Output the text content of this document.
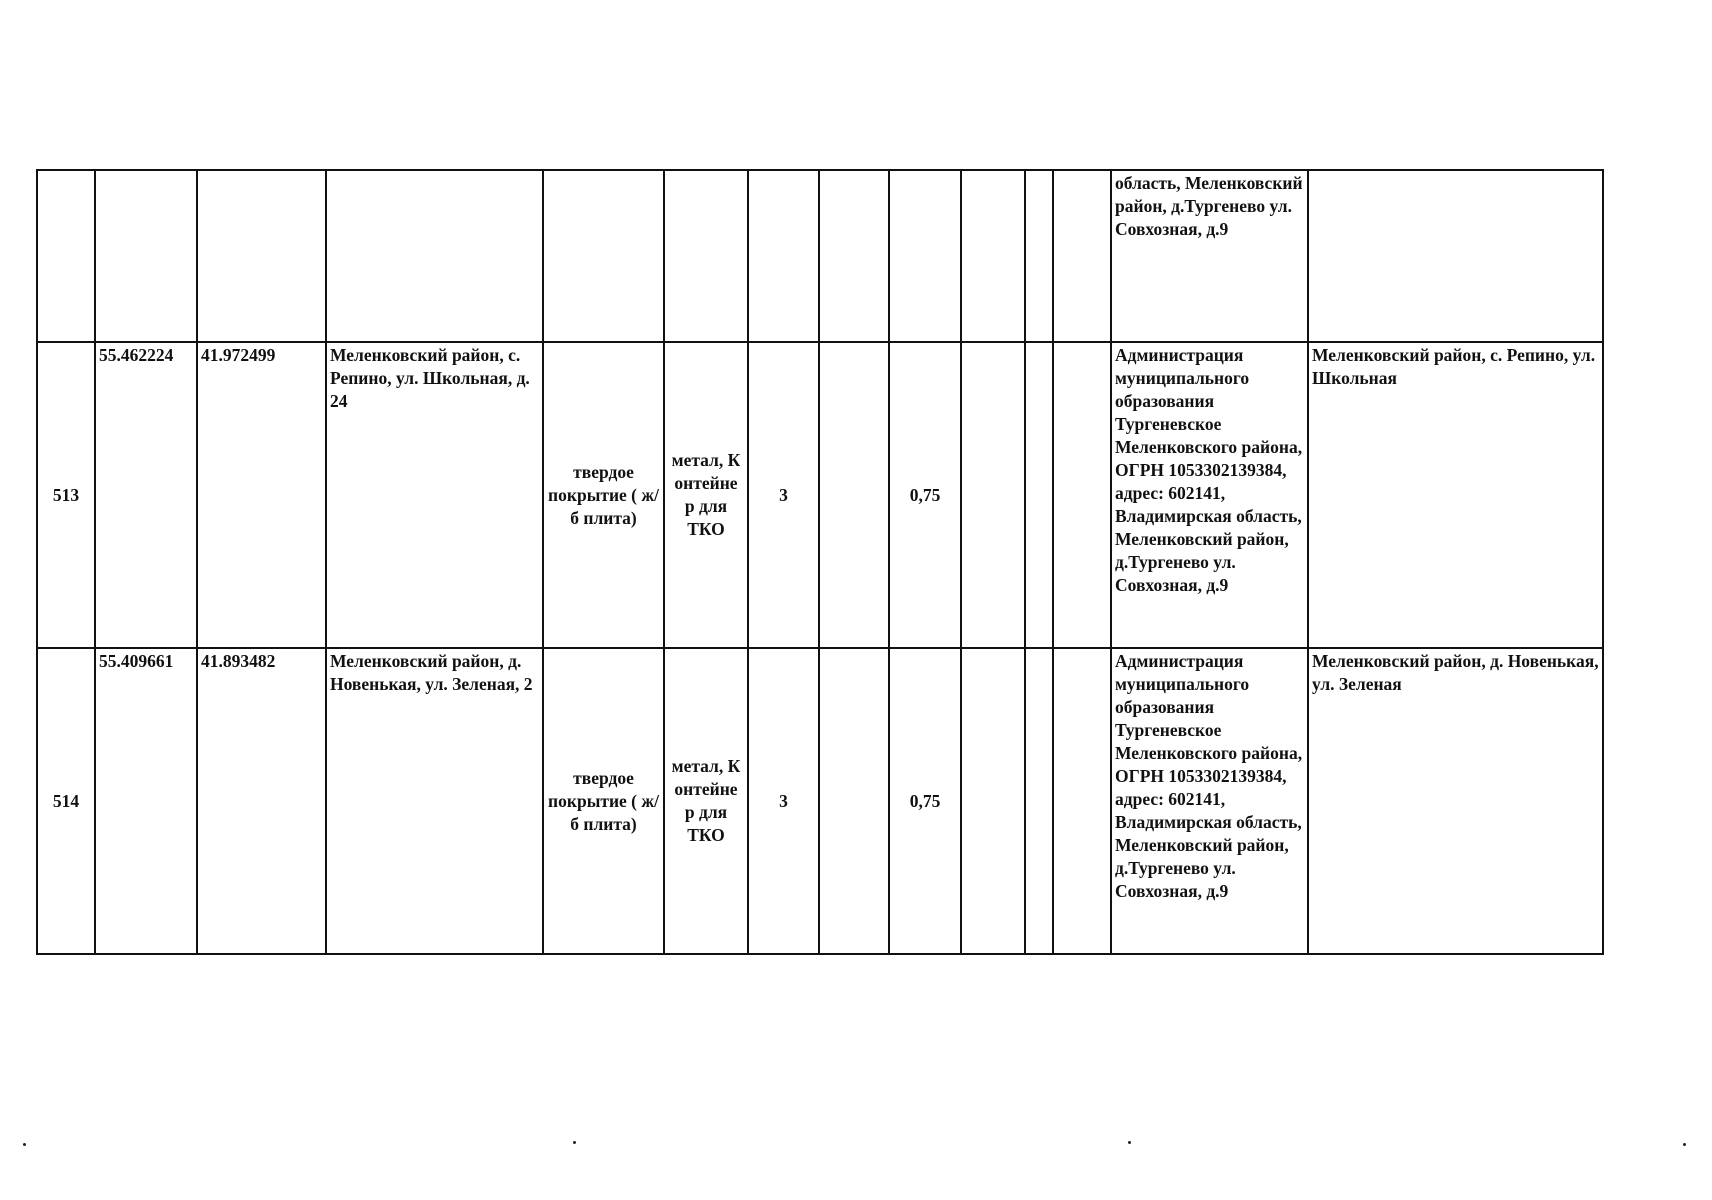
												область, Меленковский район, д.Тургенево ул. Совхозная, д.9	
513	55.462224	41.972499	Меленковский район, с. Репино, ул. Школьная, д. 24	твердое покрытие ( ж/б плита)	метал, К онтейне р для ТКО	3		0,75				Администрация муниципального образования Тургеневское Меленковского района, ОГРН 1053302139384, адрес: 602141, Владимирская область, Меленковский район, д.Тургенево ул. Совхозная, д.9	Меленковский район, с. Репино, ул. Школьная
514	55.409661	41.893482	Меленковский район, д. Новенькая, ул. Зеленая, 2	твердое покрытие ( ж/б плита)	метал, К онтейне р для ТКО	3		0,75				Администрация муниципального образования Тургеневское Меленковского района, ОГРН 1053302139384, адрес: 602141, Владимирская область, Меленковский район, д.Тургенево ул. Совхозная, д.9	Меленковский район, д. Новенькая, ул. Зеленая
